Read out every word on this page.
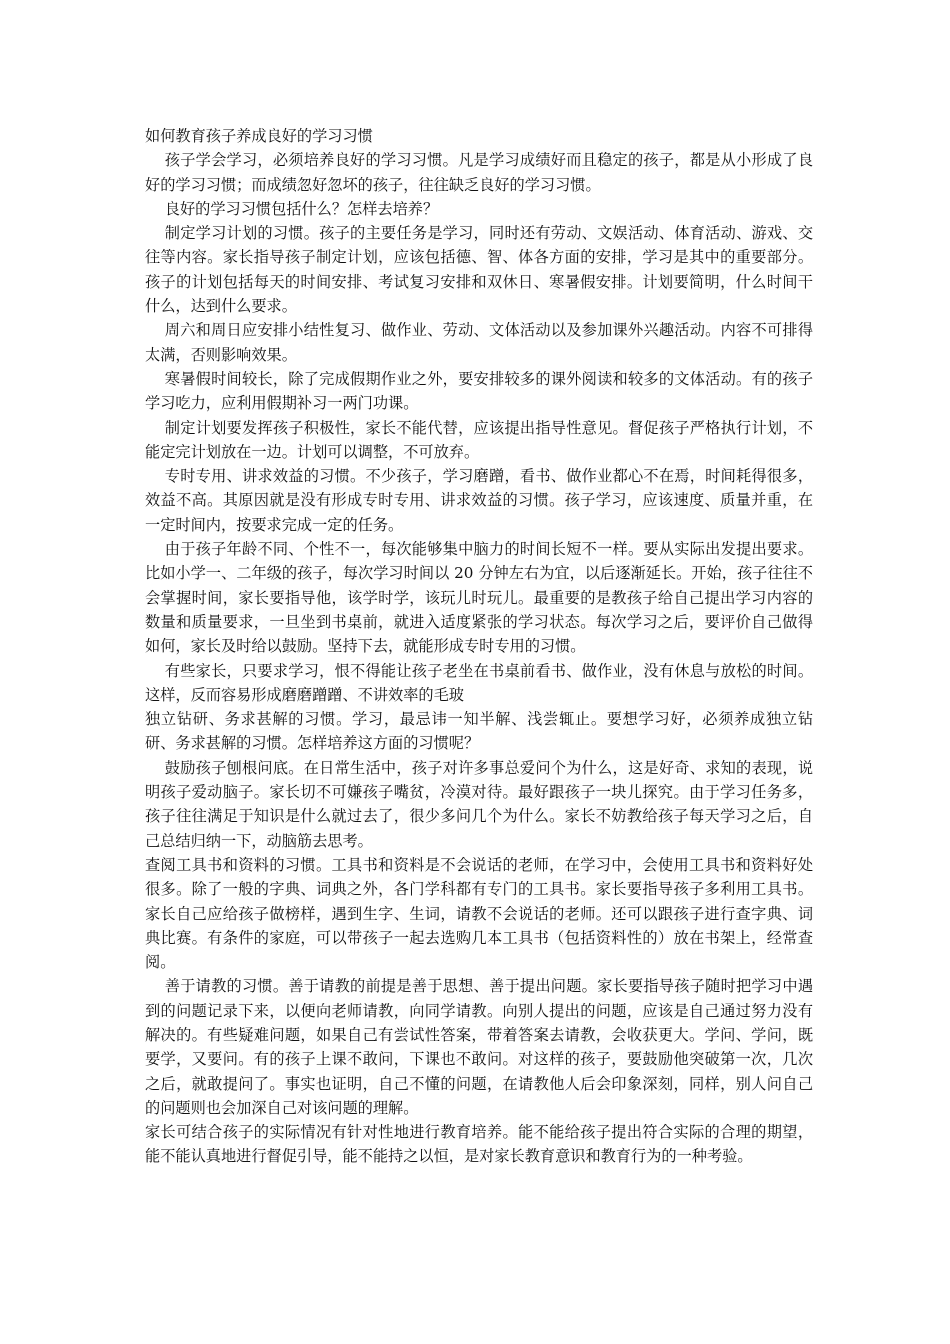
如何教育孩子养成良好的学习习惯

孩子学会学习，必须培养良好的学习习惯。凡是学习成绩好而且稳定的孩子，都是从小形成了良好的学习习惯；而成绩忽好忽坏的孩子，往往缺乏良好的学习习惯。

良好的学习习惯包括什么？怎样去培养？

制定学习计划的习惯。孩子的主要任务是学习，同时还有劳动、文娱活动、体育活动、游戏、交往等内容。家长指导孩子制定计划，应该包括德、智、体各方面的安排，学习是其中的重要部分。孩子的计划包括每天的时间安排、考试复习安排和双休日、寒暑假安排。计划要简明，什么时间干什么，达到什么要求。

周六和周日应安排小结性复习、做作业、劳动、文体活动以及参加课外兴趣活动。内容不可排得太满，否则影响效果。

寒暑假时间较长，除了完成假期作业之外，要安排较多的课外阅读和较多的文体活动。有的孩子学习吃力，应利用假期补习一两门功课。

制定计划要发挥孩子积极性，家长不能代替，应该提出指导性意见。督促孩子严格执行计划，不能定完计划放在一边。计划可以调整，不可放弃。

专时专用、讲求效益的习惯。不少孩子，学习磨蹭，看书、做作业都心不在焉，时间耗得很多，效益不高。其原因就是没有形成专时专用、讲求效益的习惯。孩子学习，应该速度、质量并重，在一定时间内，按要求完成一定的任务。

由于孩子年龄不同、个性不一，每次能够集中脑力的时间长短不一样。要从实际出发提出要求。比如小学一、二年级的孩子，每次学习时间以 20 分钟左右为宜，以后逐渐延长。开始，孩子往往不会掌握时间，家长要指导他，该学时学，该玩儿时玩儿。最重要的是教孩子给自己提出学习内容的数量和质量要求，一旦坐到书桌前，就进入适度紧张的学习状态。每次学习之后，要评价自己做得如何，家长及时给以鼓励。坚持下去，就能形成专时专用的习惯。

有些家长，只要求学习，恨不得能让孩子老坐在书桌前看书、做作业，没有休息与放松的时间。这样，反而容易形成磨磨蹭蹭、不讲效率的毛玻

独立钻研、务求甚解的习惯。学习，最忌讳一知半解、浅尝辄止。要想学习好，必须养成独立钻研、务求甚解的习惯。怎样培养这方面的习惯呢？

鼓励孩子刨根问底。在日常生活中，孩子对许多事总爱问个为什么，这是好奇、求知的表现，说明孩子爱动脑子。家长切不可嫌孩子嘴贫，冷漠对待。最好跟孩子一块儿探究。由于学习任务多，孩子往往满足于知识是什么就过去了，很少多问几个为什么。家长不妨教给孩子每天学习之后，自己总结归纳一下，动脑筋去思考。

查阅工具书和资料的习惯。工具书和资料是不会说话的老师，在学习中，会使用工具书和资料好处很多。除了一般的字典、词典之外，各门学科都有专门的工具书。家长要指导孩子多利用工具书。家长自己应给孩子做榜样，遇到生字、生词，请教不会说话的老师。还可以跟孩子进行查字典、词典比赛。有条件的家庭，可以带孩子一起去选购几本工具书（包括资料性的）放在书架上，经常查阅。

善于请教的习惯。善于请教的前提是善于思想、善于提出问题。家长要指导孩子随时把学习中遇到的问题记录下来，以便向老师请教，向同学请教。向别人提出的问题，应该是自己通过努力没有解决的。有些疑难问题，如果自己有尝试性答案，带着答案去请教，会收获更大。学问、学问，既要学，又要问。有的孩子上课不敢问，下课也不敢问。对这样的孩子，要鼓励他突破第一次，几次之后，就敢提问了。事实也证明，自己不懂的问题，在请教他人后会印象深刻，同样，别人问自己的问题则也会加深自己对该问题的理解。

家长可结合孩子的实际情况有针对性地进行教育培养。能不能给孩子提出符合实际的合理的期望，能不能认真地进行督促引导，能不能持之以恒，是对家长教育意识和教育行为的一种考验。
